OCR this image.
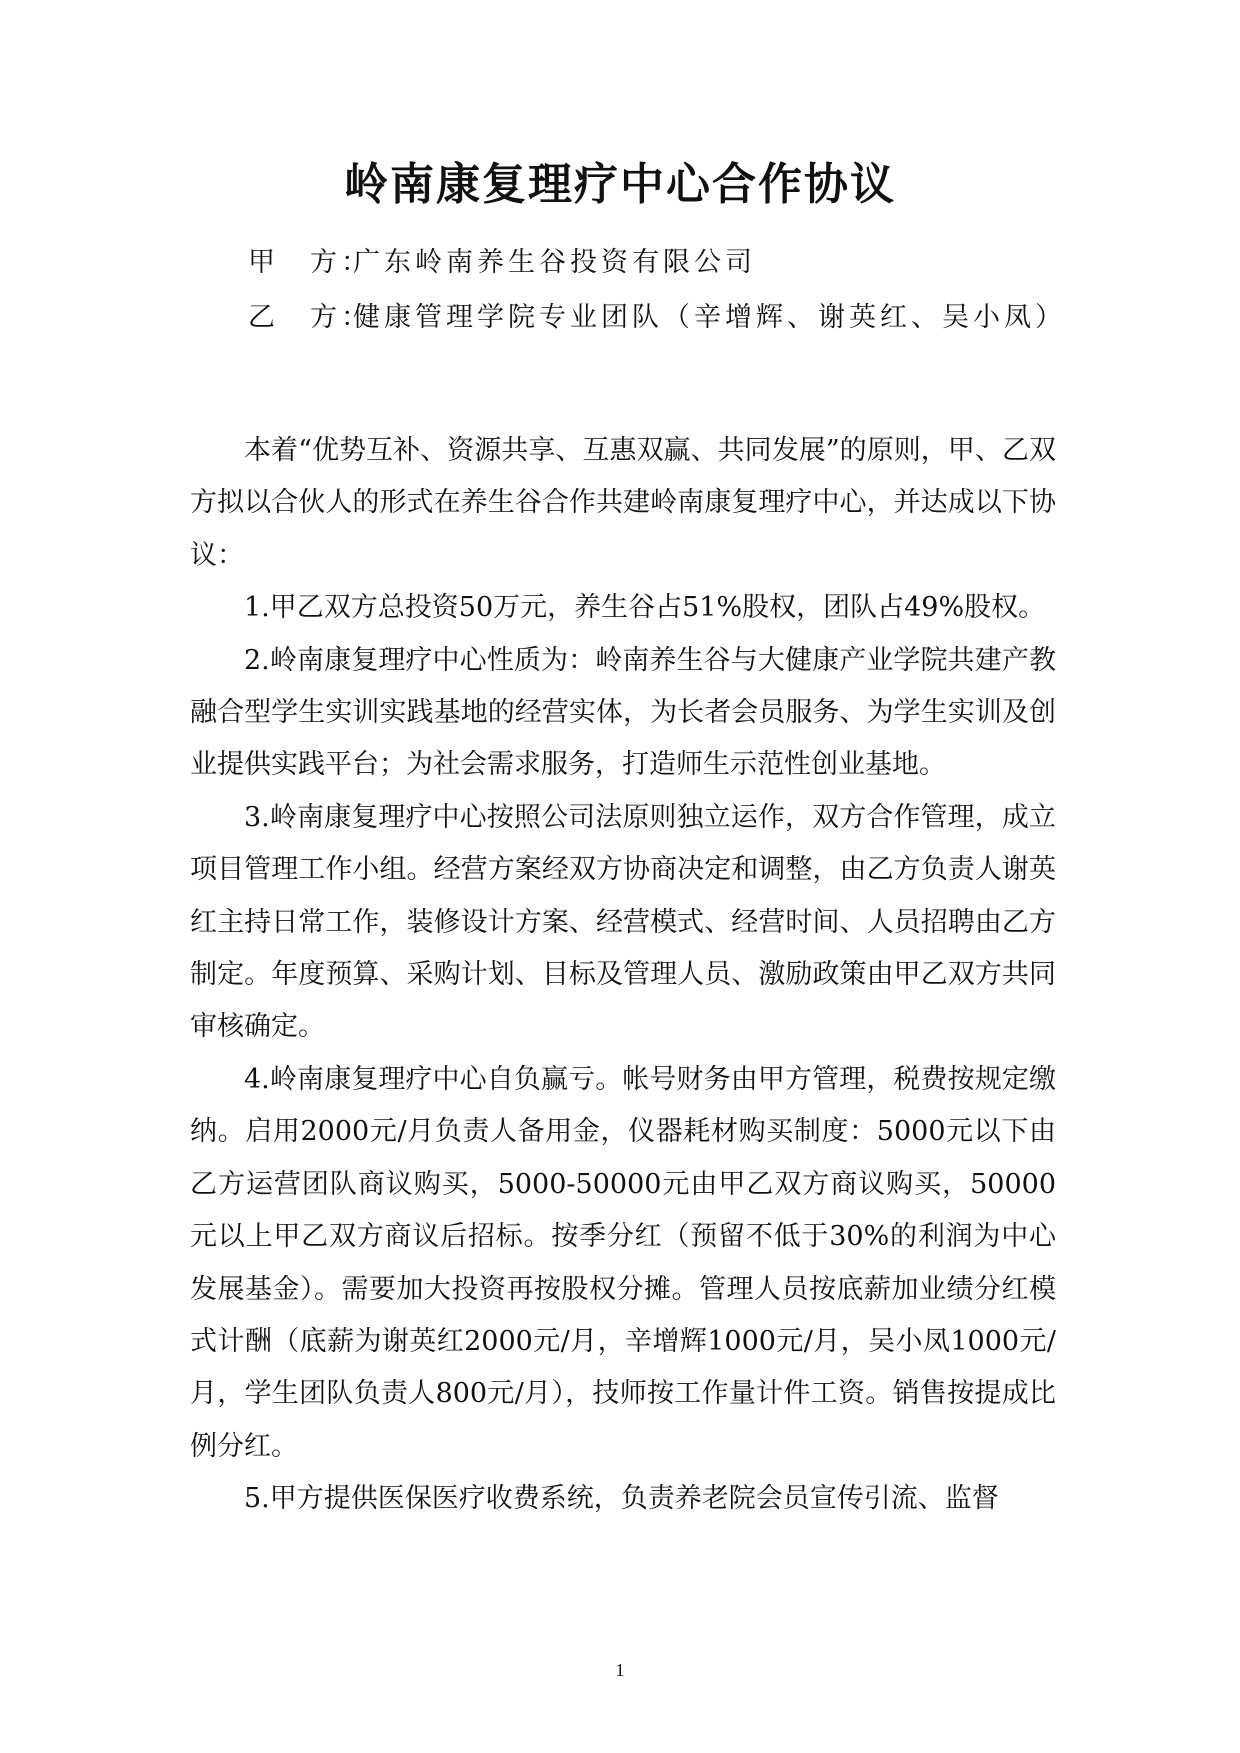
岭南康复理疗中心合作协议
甲　方：广东岭南养生谷投资有限公司
乙　方：健康管理学院专业团队（辛增辉、谢英红、吴小凤）

本着“优势互补、资源共享、互惠双赢、共同发展”的原则，甲、乙双方拟以合伙人的形式在养生谷合作共建岭南康复理疗中心，并达成以下协议：

1.甲乙双方总投资50万元，养生谷占51%股权，团队占49%股权。

2.岭南康复理疗中心性质为：岭南养生谷与大健康产业学院共建产教融合型学生实训实践基地的经营实体，为长者会员服务、为学生实训及创业提供实践平台；为社会需求服务，打造师生示范性创业基地。

3.岭南康复理疗中心按照公司法原则独立运作，双方合作管理，成立项目管理工作小组。经营方案经双方协商决定和调整，由乙方负责人谢英红主持日常工作，装修设计方案、经营模式、经营时间、人员招聘由乙方制定。年度预算、采购计划、目标及管理人员、激励政策由甲乙双方共同审核确定。

4.岭南康复理疗中心自负赢亏。帐号财务由甲方管理，税费按规定缴纳。启用2000元/月负责人备用金，仪器耗材购买制度：5000元以下由乙方运营团队商议购买，5000-50000元由甲乙双方商议购买，50000元以上甲乙双方商议后招标。按季分红（预留不低于30%的利润为中心发展基金）。需要加大投资再按股权分摊。管理人员按底薪加业绩分红模式计酬（底薪为谢英红2000元/月，辛增辉1000元/月，吴小凤1000元/月，学生团队负责人800元/月），技师按工作量计件工资。销售按提成比例分红。

5.甲方提供医保医疗收费系统，负责养老院会员宣传引流、监督

1
